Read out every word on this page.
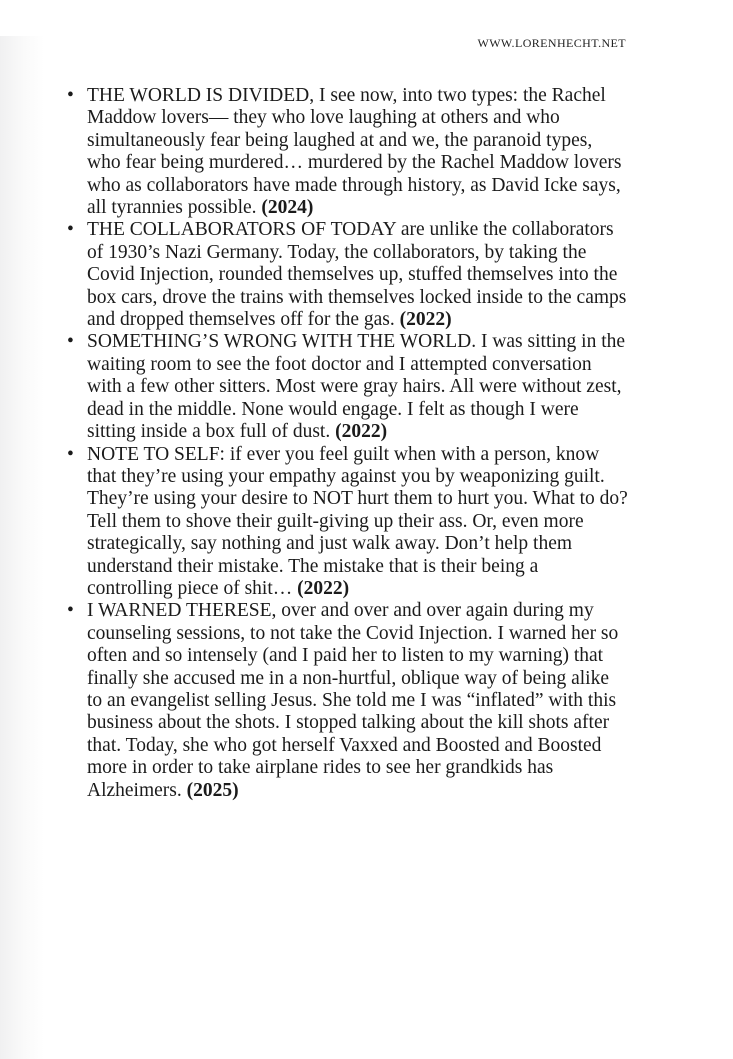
WWW.LORENHECHT.NET
• THE WORLD IS DIVIDED, I see now, into two types: the Rachel Maddow lovers— they who love laughing at others and who simultaneously fear being laughed at and we, the paranoid types, who fear being murdered… murdered by the Rachel Maddow lovers who as collaborators have made through history, as David Icke says, all tyrannies possible. (2024)
• THE COLLABORATORS OF TODAY are unlike the collaborators of 1930’s Nazi Germany. Today, the collaborators, by taking the Covid Injection, rounded themselves up, stuffed themselves into the box cars, drove the trains with themselves locked inside to the camps and dropped themselves off for the gas. (2022)
• SOMETHING’S WRONG WITH THE WORLD. I was sitting in the waiting room to see the foot doctor and I attempted conversation with a few other sitters. Most were gray hairs. All were without zest, dead in the middle. None would engage. I felt as though I were sitting inside a box full of dust. (2022)
• NOTE TO SELF: if ever you feel guilt when with a person, know that they’re using your empathy against you by weaponizing guilt. They’re using your desire to NOT hurt them to hurt you. What to do? Tell them to shove their guilt-giving up their ass. Or, even more strategically, say nothing and just walk away. Don’t help them understand their mistake. The mistake that is their being a controlling piece of shit… (2022)
• I WARNED THERESE, over and over and over again during my counseling sessions, to not take the Covid Injection. I warned her so often and so intensely (and I paid her to listen to my warning) that finally she accused me in a non-hurtful, oblique way of being alike to an evangelist selling Jesus. She told me I was “inflated” with this business about the shots. I stopped talking about the kill shots after that. Today, she who got herself Vaxxed and Boosted and Boosted more in order to take airplane rides to see her grandkids has Alzheimers. (2025)
